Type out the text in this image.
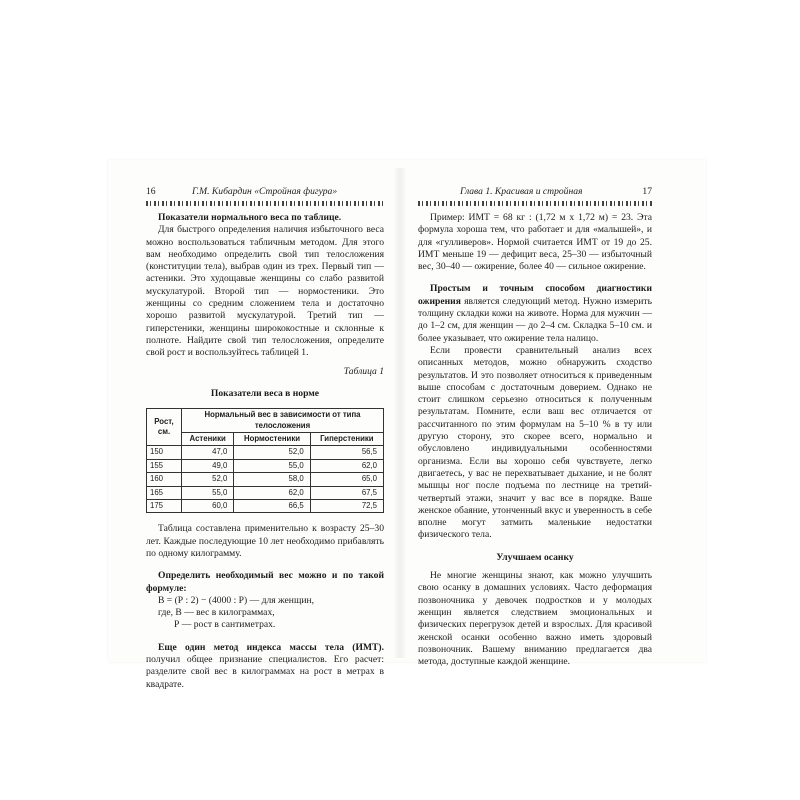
16	Г.М. Кибардин «Стройная фигура»

Показатели нормального веса по таблице.

Для быстрого определения наличия избыточного веса можно воспользоваться табличным методом. Для этого вам необходимо определить свой тип телосложения (конституции тела), выбрав один из трех. Первый тип — астеники. Это худощавые женщины со слабо развитой мускулатурой. Второй тип — нормостеники. Это женщины со средним сложением тела и достаточно хорошо развитой мускулатурой. Третий тип — гиперстеники, женщины ширококостные и склонные к полноте. Найдите свой тип телосложения, определите свой рост и воспользуйтесь таблицей 1.

Таблица 1

Показатели веса в норме

Рост, см.	Нормальный вес в зависимости от типа телосложения		
	Астеники	Нормостеники	Гиперстеники
150	47,0	52,0	56,5
155	49,0	55,0	62,0
160	52,0	58,0	65,0
165	55,0	62,0	67,5
175	60,0	66,5	72,5

Таблица составлена применительно к возрасту 25–30 лет. Каждые последующие 10 лет необходимо прибавлять по одному килограмму.

Определить необходимый вес можно и по такой формуле:

В = (Р : 2) − (4000 : Р) — для женщин,
где, В — вес в килограммах,
Р — рост в сантиметрах.

Еще один метод индекса массы тела (ИМТ). получил общее признание специалистов. Его расчет: разделите свой вес в килограммах на рост в метрах в квадрате.

Глава 1. Красивая и стройная	17

Пример: ИМТ = 68 кг : (1,72 м х 1,72 м) = 23. Эта формула хороша тем, что работает и для «малышей», и для «гулливеров». Нормой считается ИМТ от 19 до 25. ИМТ меньше 19 — дефицит веса, 25–30 — избыточный вес, 30–40 — ожирение, более 40 — сильное ожирение.

Простым и точным способом диагностики ожирения является следующий метод. Нужно измерить толщину складки кожи на животе. Норма для мужчин — до 1–2 см, для женщин — до 2–4 см. Складка 5–10 см. и более указывает, что ожирение тела налицо.

Если провести сравнительный анализ всех описанных методов, можно обнаружить сходство результатов. И это позволяет относиться к приведенным выше способам с достаточным доверием. Однако не стоит слишком серьезно относиться к полученным результатам. Помните, если ваш вес отличается от рассчитанного по этим формулам на 5–10 % в ту или другую сторону, это скорее всего, нормально и обусловлено индивидуальными особенностями организма. Если вы хорошо себя чувствуете, легко двигаетесь, у вас не перехватывает дыхание, и не болят мышцы ног после подъема по лестнице на третий-четвертый этажи, значит у вас все в порядке. Ваше женское обаяние, утонченный вкус и уверенность в себе вполне могут затмить маленькие недостатки физического тела.

Улучшаем осанку

Не многие женщины знают, как можно улучшить свою осанку в домашних условиях. Часто деформация позвоночника у девочек подростков и у молодых женщин является следствием эмоциональных и физических перегрузок детей и взрослых. Для красивой женской осанки особенно важно иметь здоровый позвоночник. Вашему вниманию предлагается два метода, доступные каждой женщине.
